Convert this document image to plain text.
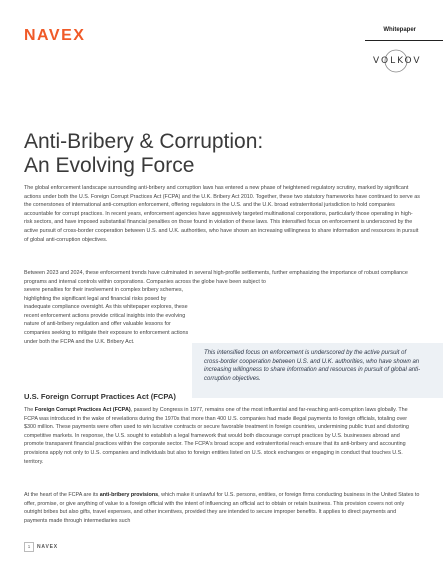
NAVEX	Whitepaper
VOLKOV
Anti-Bribery & Corruption:
An Evolving Force

The global enforcement landscape surrounding anti-bribery and corruption laws has entered a new phase of heightened regulatory scrutiny, marked by significant actions under both the U.S. Foreign Corrupt Practices Act (FCPA) and the U.K. Bribery Act 2010. Together, these two statutory frameworks have continued to serve as the cornerstones of international anti-corruption enforcement, offering regulators in the U.S. and the U.K. broad extraterritorial jurisdiction to hold companies accountable for corrupt practices. In recent years, enforcement agencies have aggressively targeted multinational corporations, particularly those operating in high-risk sectors, and have imposed substantial financial penalties on those found in violation of these laws. This intensified focus on enforcement is underscored by the active pursuit of cross-border cooperation between U.S. and U.K. authorities, who have shown an increasing willingness to share information and resources in pursuit of global anti-corruption objectives.

Between 2023 and 2024, these enforcement trends have culminated in several high-profile settlements, further emphasizing the importance of robust compliance programs and internal controls within corporations. Companies across the globe have been subject to

severe penalties for their involvement in complex bribery schemes, highlighting the significant legal and financial risks posed by inadequate compliance oversight. As this whitepaper explores, these recent enforcement actions provide critical insights into the evolving nature of anti-bribery regulation and offer valuable lessons for companies seeking to mitigate their exposure to enforcement actions under both the FCPA and the U.K. Bribery Act.

This intensified focus on enforcement is underscored by the active pursuit of cross-border cooperation between U.S. and U.K. authorities, who have shown an increasing willingness to share information and resources in pursuit of global anti-corruption objectives.

U.S. Foreign Corrupt Practices Act (FCPA)

The Foreign Corrupt Practices Act (FCPA), passed by Congress in 1977, remains one of the most influential and far-reaching anti-corruption laws globally. The FCPA was introduced in the wake of revelations during the 1970s that more than 400 U.S. companies had made illegal payments to foreign officials, totaling over $300 million. These payments were often used to win lucrative contracts or secure favorable treatment in foreign countries, undermining public trust and distorting competitive markets. In response, the U.S. sought to establish a legal framework that would both discourage corrupt practices by U.S. businesses abroad and promote transparent financial practices within the corporate sector. The FCPA's broad scope and extraterritorial reach ensure that its anti-bribery and accounting provisions apply not only to U.S. companies and individuals but also to foreign entities listed on U.S. stock exchanges or engaging in conduct that touches U.S. territory.

At the heart of the FCPA are its anti-bribery provisions, which make it unlawful for U.S. persons, entities, or foreign firms conducting business in the United States to offer, promise, or give anything of value to a foreign official with the intent of influencing an official act to obtain or retain business. This provision covers not only outright bribes but also gifts, travel expenses, and other incentives, provided they are intended to secure improper benefits. It applies to direct payments and payments made through intermediaries such

1	NAVEX
